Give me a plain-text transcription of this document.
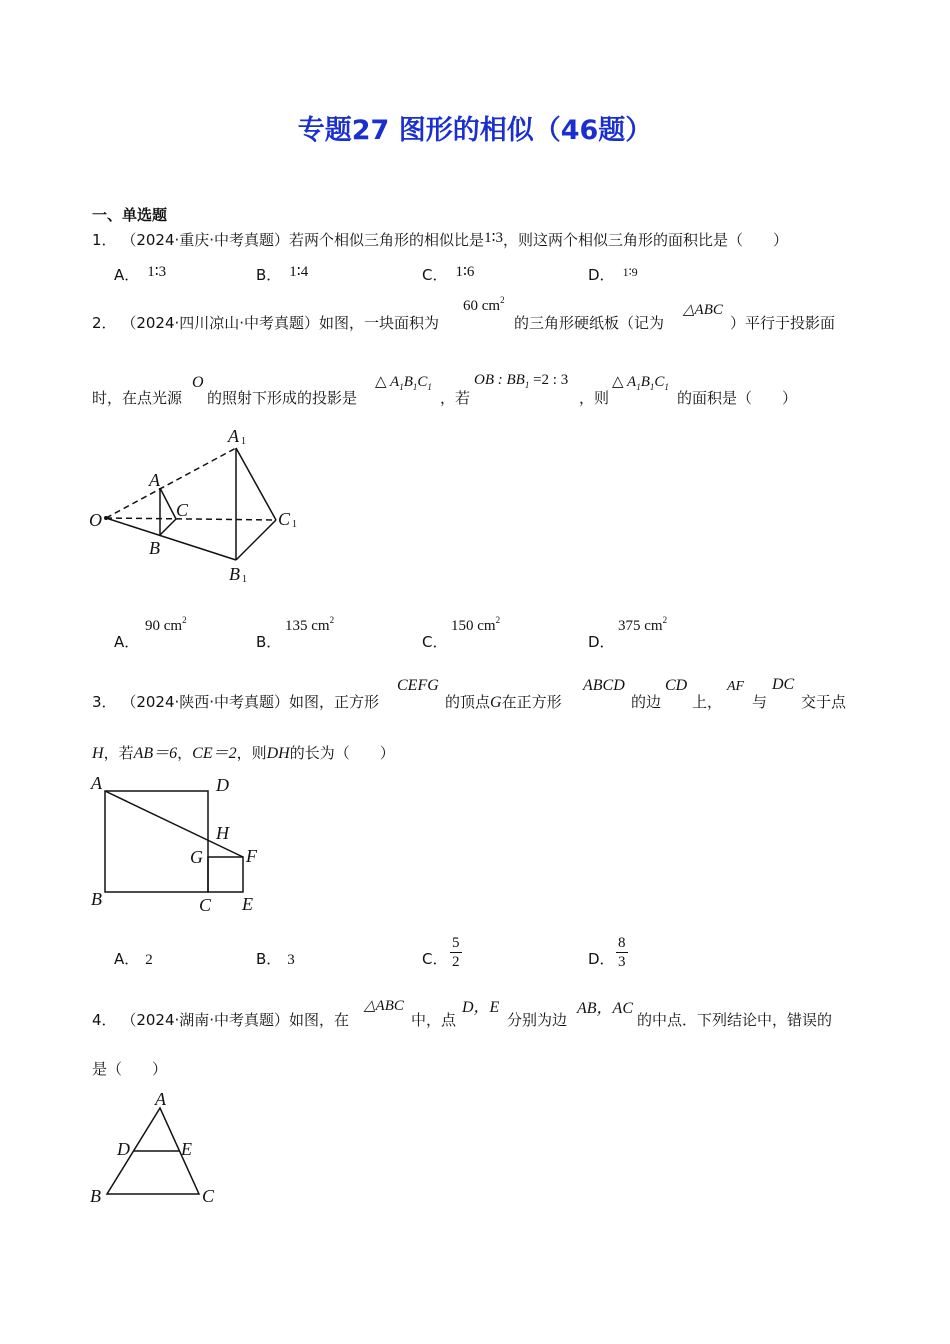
专题27 图形的相似（46题）
一、单选题
1． （2024·重庆·中考真题）若两个相似三角形的相似比是1∶3，则这两个相似三角形的面积比是（　　）
A． 1∶3	B． 1∶4	C． 1∶6	D． $^{1∶9}$
2． （2024·四川凉山·中考真题）如图，一块面积为
60 $cm^2$
的三角形硬纸板（记为
△ABC
）平行于投影面
时，在点光源
O
的照射下形成的投影是
△ $A_1B_1C_1$
，若
OB : $BB_1 =2$ : 3
，则
△ $A_1B_1C_1$
的面积是（　　）
A 1
A
C
O	C 1
B
B 1
A．
90 $cm^2$
B．
135 $cm^2$
C．
150 $cm^2$
D．
375 $cm^2$
3． （2024·陕西·中考真题）如图，正方形
CEFG
的顶点G在正方形
ABCD
的边
CD
上，
AF
与
DC
交于点
H，若AB＝6，CE＝2，则DH的长为（　　）
A	D
H
G F
B	C E
A． 2	B． 3	C． $\frac{5}{2}$	D． $\frac{8}{3}$
4． （2024·湖南·中考真题）如图，在
△ABC
中，点
D，E
分别为边
AB，AC
的中点．下列结论中，错误的
是（　　）
A
D	E
B	C
